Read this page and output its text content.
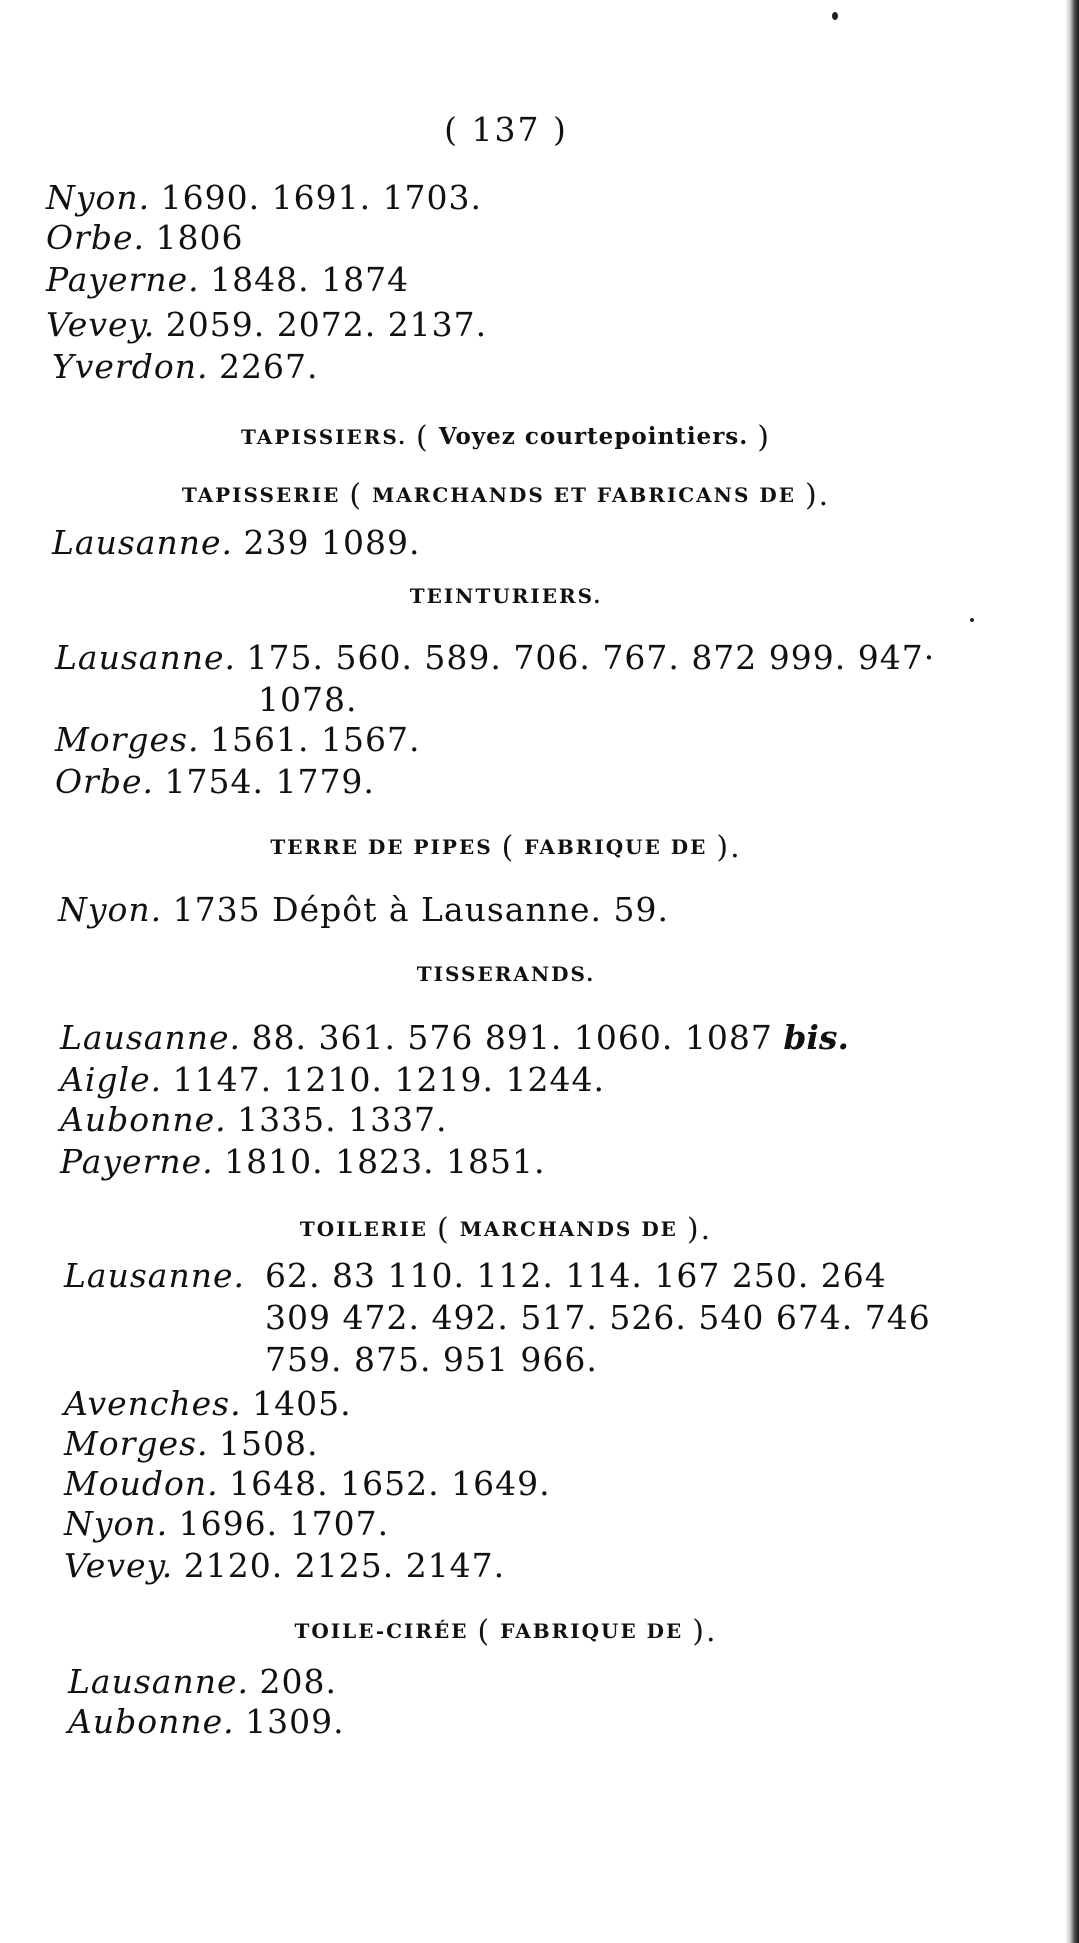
( 137 )
Nyon. 1690. 1691. 1703.
Orbe. 1806
Payerne. 1848. 1874
Vevey. 2059. 2072. 2137.
Yverdon. 2267.
TAPISSIERS. ( Voyez courtepointiers. )
TAPISSERIE ( MARCHANDS ET FABRICANS DE ).
Lausanne. 239 1089.
TEINTURIERS.
Lausanne. 175. 560. 589. 706. 767. 872 999. 947·
1078.
Morges. 1561. 1567.
Orbe. 1754. 1779.
TERRE DE PIPES ( FABRIQUE DE ).
Nyon. 1735 Dépôt à Lausanne. 59.
TISSERANDS.
Lausanne. 88. 361. 576 891. 1060. 1087 bis.
Aigle. 1147. 1210. 1219. 1244.
Aubonne. 1335. 1337.
Payerne. 1810. 1823. 1851.
TOILERIE ( MARCHANDS DE ).
Lausanne. 62. 83 110. 112. 114. 167 250. 264
309 472. 492. 517. 526. 540 674. 746
759. 875. 951 966.
Avenches. 1405.
Morges. 1508.
Moudon. 1648. 1652. 1649.
Nyon. 1696. 1707.
Vevey. 2120. 2125. 2147.
TOILE-CIRÉE ( FABRIQUE DE ).
Lausanne. 208.
Aubonne. 1309.
